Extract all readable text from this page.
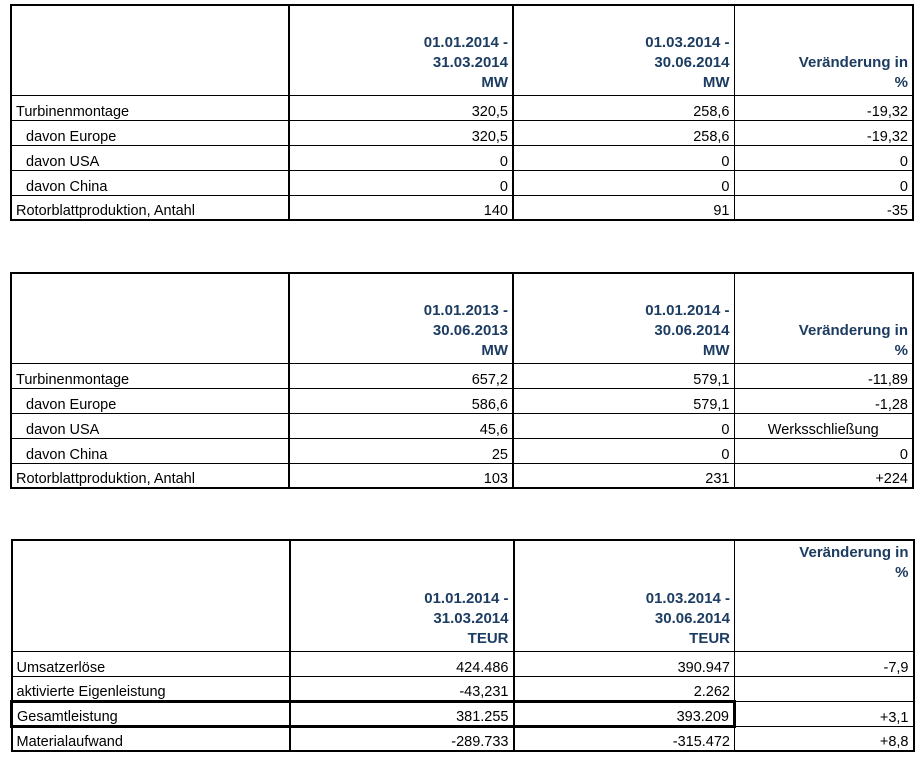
	01.01.2014 -
31.03.2014
MW	01.03.2014 -
30.06.2014
MW	Veränderung in
%

Turbinenmontage	320,5	258,6	-19,32
davon Europe	320,5	258,6	-19,32
davon USA	0	0	0
davon China	0	0	0
Rotorblattproduktion, Antahl	140	91	-35

	01.01.2013 -
30.06.2013
MW	01.01.2014 -
30.06.2014
MW	Veränderung in
%

Turbinenmontage	657,2	579,1	-11,89
davon Europe	586,6	579,1	-1,28
davon USA	45,6	0	Werksschließung
davon China	25	0	0
Rotorblattproduktion, Antahl	103	231	+224

	01.01.2014 -
31.03.2014
TEUR	01.03.2014 -
30.06.2014
TEUR	Veränderung in
%

Umsatzerlöse	424.486	390.947	-7,9
aktivierte Eigenleistung	-43,231	2.262	
Gesamtleistung	381.255	393.209	+3,1
Materialaufwand	-289.733	-315.472	+8,8
